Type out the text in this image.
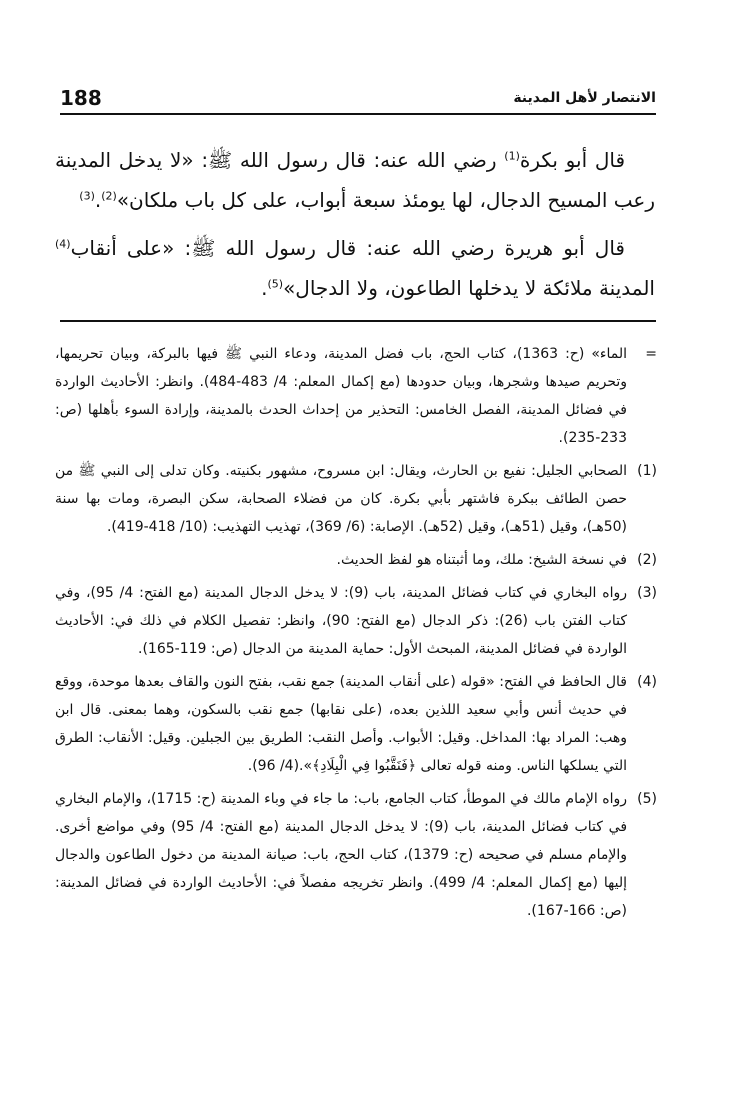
188	الانتصار لأهل المدينة

قال أبو بكرة$^{(1)}$ رضي الله عنه: قال رسول الله ﷺ: «لا يدخل المدينة رعب المسيح الدجال، لها يومئذ سبعة أبواب، على كل باب ملكان»$^{(2)}$.$^{(3)}$

قال أبو هريرة رضي الله عنه: قال رسول الله ﷺ: «على أنقاب$^{(4)}$ المدينة ملائكة لا يدخلها الطاعون، ولا الدجال»$^{(5)}$.

=
الماء» (ح: 1363)، كتاب الحج، باب فضل المدينة، ودعاء النبي ﷺ فيها بالبركة، وبيان تحريمها، وتحريم صيدها وشجرها، وبيان حدودها (مع إكمال المعلم: 4/ 483-484). وانظر: الأحاديث الواردة في فضائل المدينة، الفصل الخامس: التحذير من إحداث الحدث بالمدينة، وإرادة السوء بأهلها (ص: 233-235).
(1)
الصحابي الجليل: نفيع بن الحارث، ويقال: ابن مسروح، مشهور بكنيته. وكان تدلى إلى النبي ﷺ من حصن الطائف ببكرة فاشتهر بأبي بكرة. كان من فضلاء الصحابة، سكن البصرة، ومات بها سنة (50هـ)، وقيل (51هـ)، وقيل (52هـ). الإصابة: (6/ 369)، تهذيب التهذيب: (10/ 418-419).
(2)
في نسخة الشيخ: ملك، وما أثبتناه هو لفظ الحديث.
(3)
رواه البخاري في كتاب فضائل المدينة، باب (9): لا يدخل الدجال المدينة (مع الفتح: 4/ 95)، وفي كتاب الفتن باب (26): ذكر الدجال (مع الفتح: 90)، وانظر: تفصيل الكلام في ذلك في: الأحاديث الواردة في فضائل المدينة، المبحث الأول: حماية المدينة من الدجال (ص: 119-165).
(4)
قال الحافظ في الفتح: «قوله (على أنقاب المدينة) جمع نقب، بفتح النون والقاف بعدها موحدة، ووقع في حديث أنس وأبي سعيد اللذين بعده، (على نقابها) جمع نقب بالسكون، وهما بمعنى. قال ابن وهب: المراد بها: المداخل. وقيل: الأبواب. وأصل النقب: الطريق بين الجبلين. وقيل: الأنقاب: الطرق التي يسلكها الناس. ومنه قوله تعالى ﴿فَنَقَّبُوا فِي الْبِلَادِ﴾».(4/ 96).
(5)
رواه الإمام مالك في الموطأ، كتاب الجامع، باب: ما جاء في وباء المدينة (ح: 1715)، والإمام البخاري في كتاب فضائل المدينة، باب (9): لا يدخل الدجال المدينة (مع الفتح: 4/ 95) وفي مواضع أخرى. والإمام مسلم في صحيحه (ح: 1379)، كتاب الحج، باب: صيانة المدينة من دخول الطاعون والدجال إليها (مع إكمال المعلم: 4/ 499). وانظر تخريجه مفصلاً في: الأحاديث الواردة في فضائل المدينة: (ص: 166-167).
